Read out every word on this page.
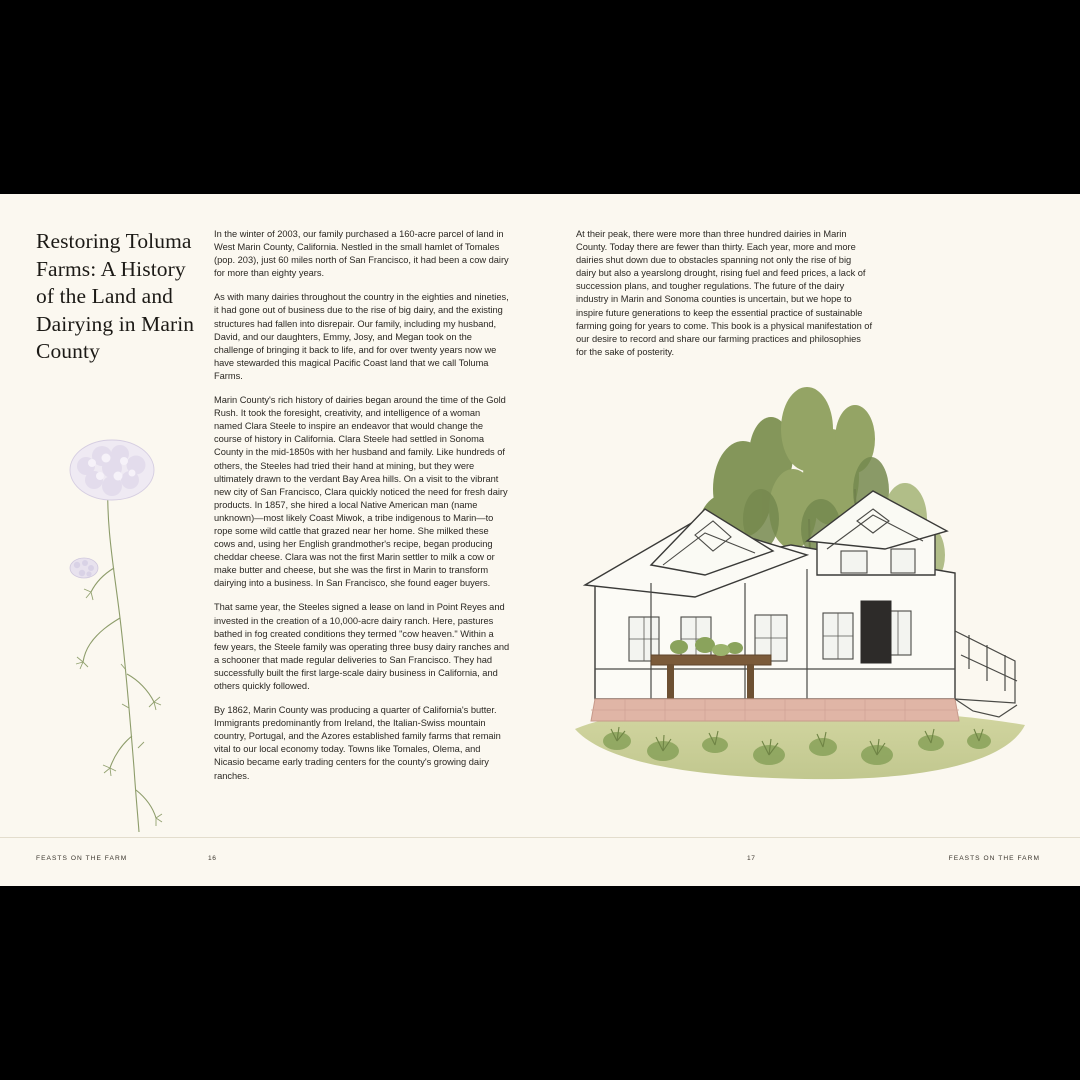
Restoring Toluma Farms: A History of the Land and Dairying in Marin County

In the winter of 2003, our family purchased a 160-acre parcel of land in West Marin County, California. Nestled in the small hamlet of Tomales (pop. 203), just 60 miles north of San Francisco, it had been a cow dairy for more than eighty years.

As with many dairies throughout the country in the eighties and nineties, it had gone out of business due to the rise of big dairy, and the existing structures had fallen into disrepair. Our family, including my husband, David, and our daughters, Emmy, Josy, and Megan took on the challenge of bringing it back to life, and for over twenty years now we have stewarded this magical Pacific Coast land that we call Toluma Farms.

Marin County's rich history of dairies began around the time of the Gold Rush. It took the foresight, creativity, and intelligence of a woman named Clara Steele to inspire an endeavor that would change the course of history in California. Clara Steele had settled in Sonoma County in the mid-1850s with her husband and family. Like hundreds of others, the Steeles had tried their hand at mining, but they were ultimately drawn to the verdant Bay Area hills. On a visit to the vibrant new city of San Francisco, Clara quickly noticed the need for fresh dairy products. In 1857, she hired a local Native American man (name unknown)—most likely Coast Miwok, a tribe indigenous to Marin—to rope some wild cattle that grazed near her home. She milked these cows and, using her English grandmother's recipe, began producing cheddar cheese. Clara was not the first Marin settler to milk a cow or make butter and cheese, but she was the first in Marin to transform dairying into a business. In San Francisco, she found eager buyers.

That same year, the Steeles signed a lease on land in Point Reyes and invested in the creation of a 10,000-acre dairy ranch. Here, pastures bathed in fog created conditions they termed "cow heaven." Within a few years, the Steele family was operating three busy dairy ranches and a schooner that made regular deliveries to San Francisco. They had successfully built the first large-scale dairy business in California, and others quickly followed.

By 1862, Marin County was producing a quarter of California's butter. Immigrants predominantly from Ireland, the Italian-Swiss mountain country, Portugal, and the Azores established family farms that remain vital to our local economy today. Towns like Tomales, Olema, and Nicasio became early trading centers for the county's growing dairy ranches.

At their peak, there were more than three hundred dairies in Marin County. Today there are fewer than thirty. Each year, more and more dairies shut down due to obstacles spanning not only the rise of big dairy but also a yearslong drought, rising fuel and feed prices, a lack of succession plans, and tougher regulations. The future of the dairy industry in Marin and Sonoma counties is uncertain, but we hope to inspire future generations to keep the essential practice of sustainable farming going for years to come. This book is a physical manifestation of our desire to record and share our farming practices and philosophies for the sake of posterity.

FEASTS ON THE FARM	16	17	FEASTS ON THE FARM
